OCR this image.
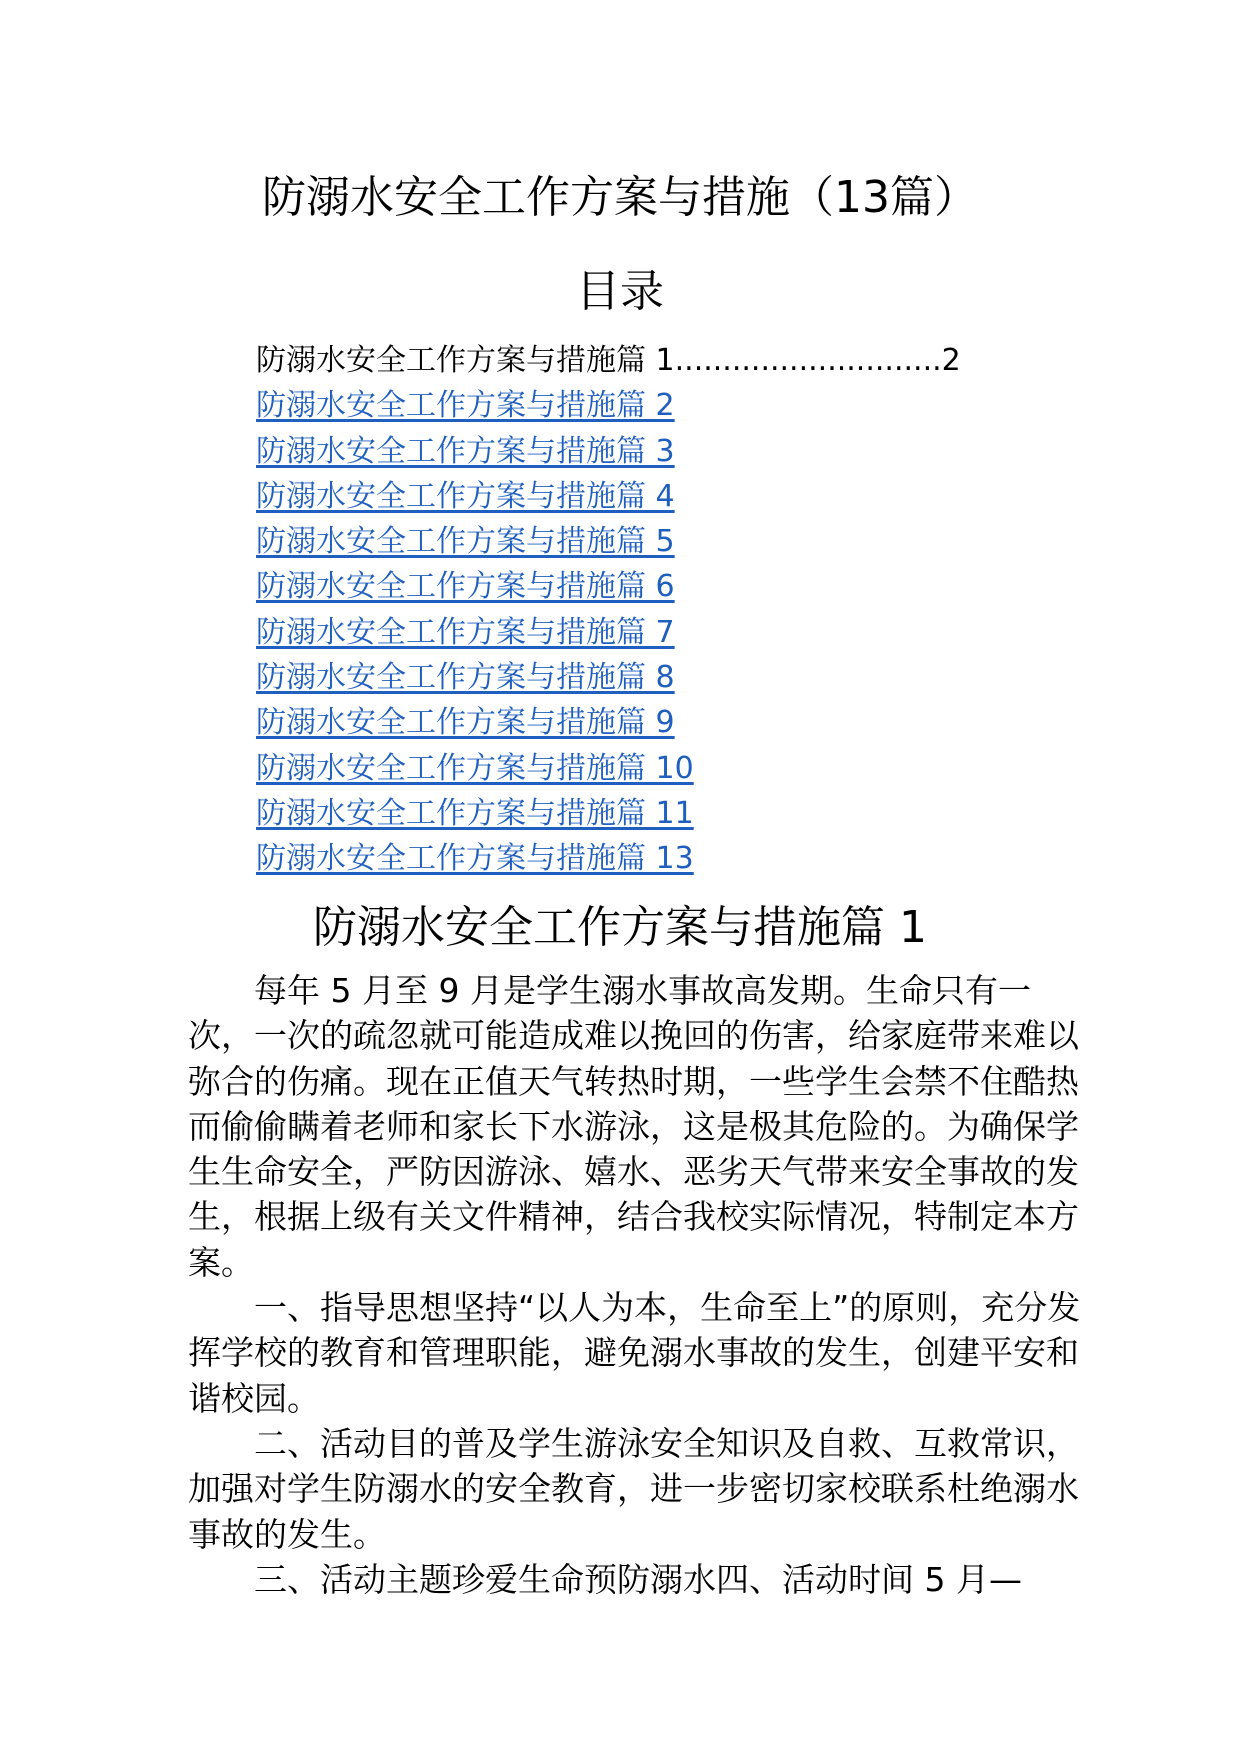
防溺水安全工作方案与措施（13篇）
目录
防溺水安全工作方案与措施篇 1 ............................ 2
防溺水安全工作方案与措施篇 2
防溺水安全工作方案与措施篇 3
防溺水安全工作方案与措施篇 4
防溺水安全工作方案与措施篇 5
防溺水安全工作方案与措施篇 6
防溺水安全工作方案与措施篇 7
防溺水安全工作方案与措施篇 8
防溺水安全工作方案与措施篇 9
防溺水安全工作方案与措施篇 10
防溺水安全工作方案与措施篇 11
防溺水安全工作方案与措施篇 13
防溺水安全工作方案与措施篇 1

每年 5 月至 9 月是学生溺水事故高发期。生命只有一次，一次的疏忽就可能造成难以挽回的伤害，给家庭带来难以弥合的伤痛。现在正值天气转热时期，一些学生会禁不住酷热而偷偷瞒着老师和家长下水游泳，这是极其危险的。为确保学生生命安全，严防因游泳、嬉水、恶劣天气带来安全事故的发生，根据上级有关文件精神，结合我校实际情况，特制定本方案。

一、指导思想坚持“以人为本，生命至上”的原则，充分发挥学校的教育和管理职能，避免溺水事故的发生，创建平安和谐校园。

二、活动目的普及学生游泳安全知识及自救、互救常识，加强对学生防溺水的安全教育，进一步密切家校联系杜绝溺水事故的发生。

三、活动主题珍爱生命预防溺水四、活动时间 5 月—
